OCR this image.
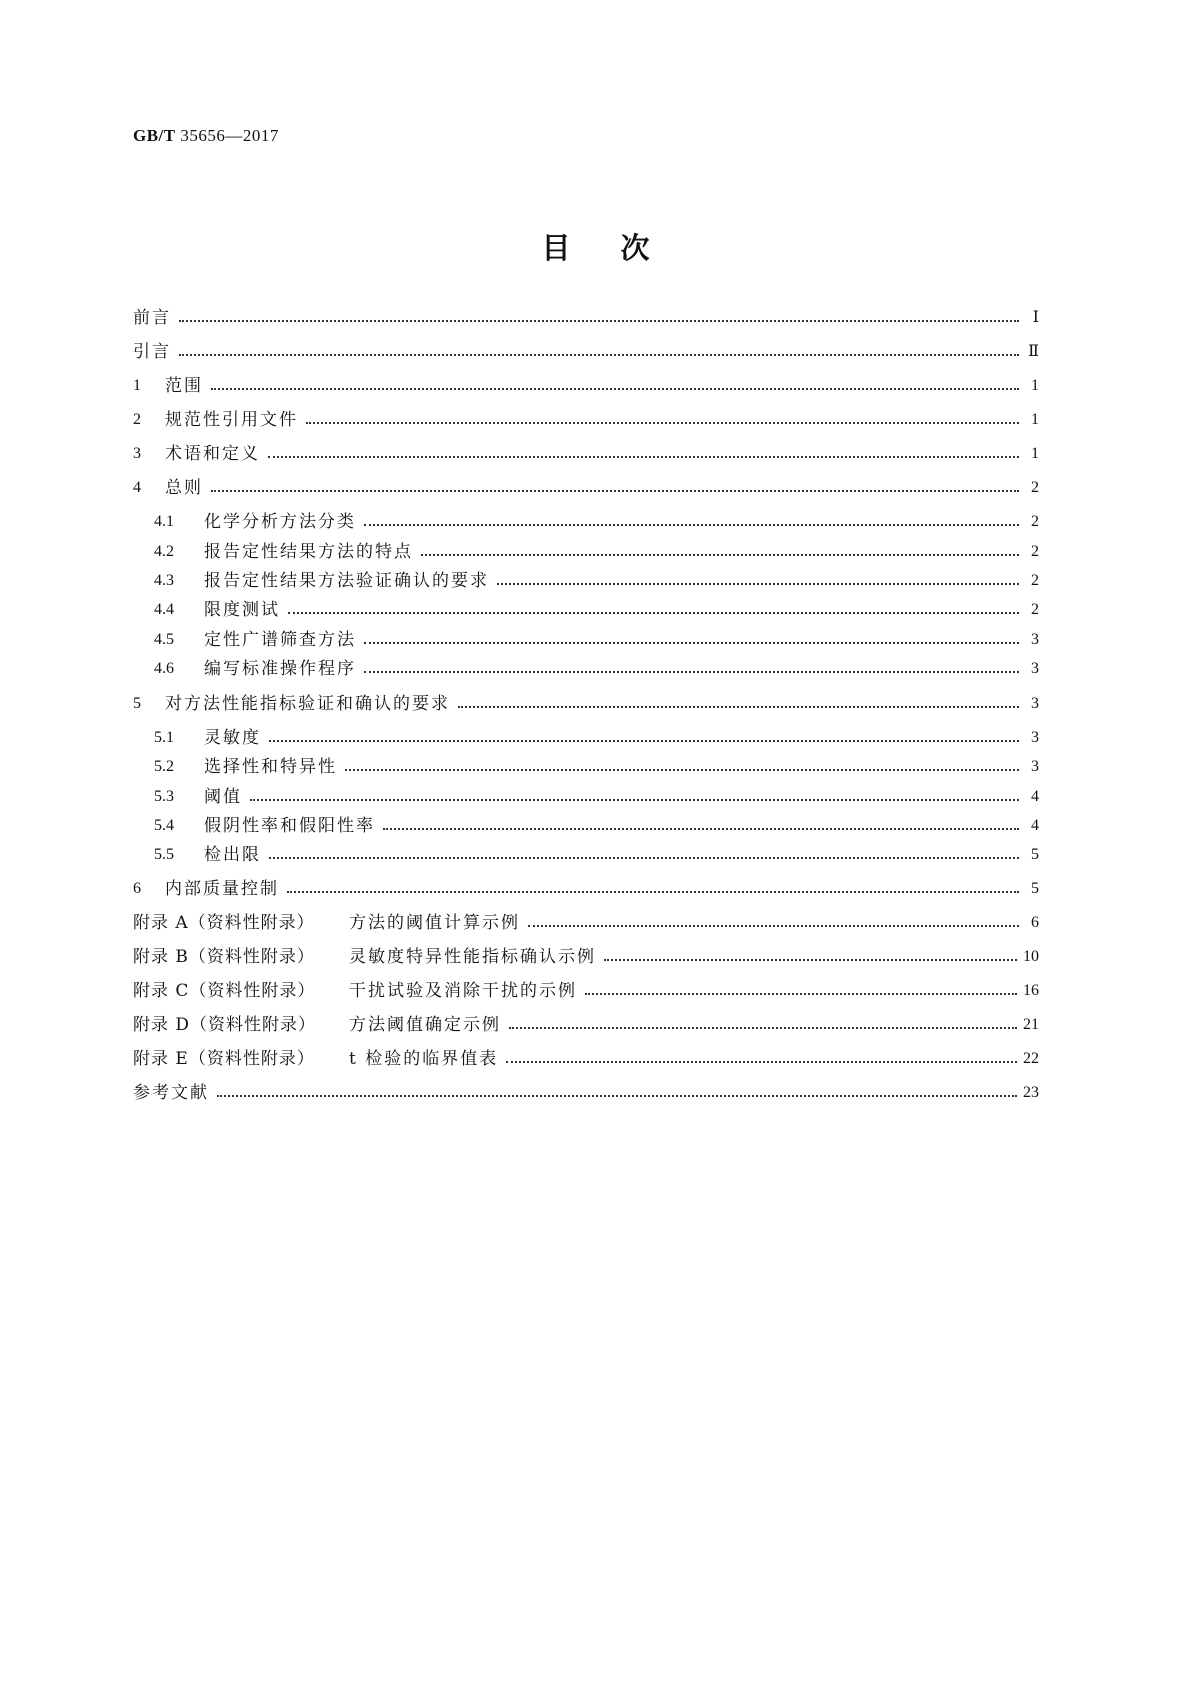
GB/T 35656—2017
目次
前言	Ⅰ
引言	Ⅱ
1	范围	1
2	规范性引用文件	1
3	术语和定义	1
4	总则	2
4.1	化学分析方法分类	2
4.2	报告定性结果方法的特点	2
4.3	报告定性结果方法验证确认的要求	2
4.4	限度测试	2
4.5	定性广谱筛查方法	3
4.6	编写标准操作程序	3
5	对方法性能指标验证和确认的要求	3
5.1	灵敏度	3
5.2	选择性和特异性	3
5.3	阈值	4
5.4	假阴性率和假阳性率	4
5.5	检出限	5
6	内部质量控制	5
附录 A（资料性附录）	方法的阈值计算示例	6
附录 B（资料性附录）	灵敏度特异性能指标确认示例	10
附录 C（资料性附录）	干扰试验及消除干扰的示例	16
附录 D（资料性附录）	方法阈值确定示例	21
附录 E（资料性附录）	t 检验的临界值表	22
参考文献	23
